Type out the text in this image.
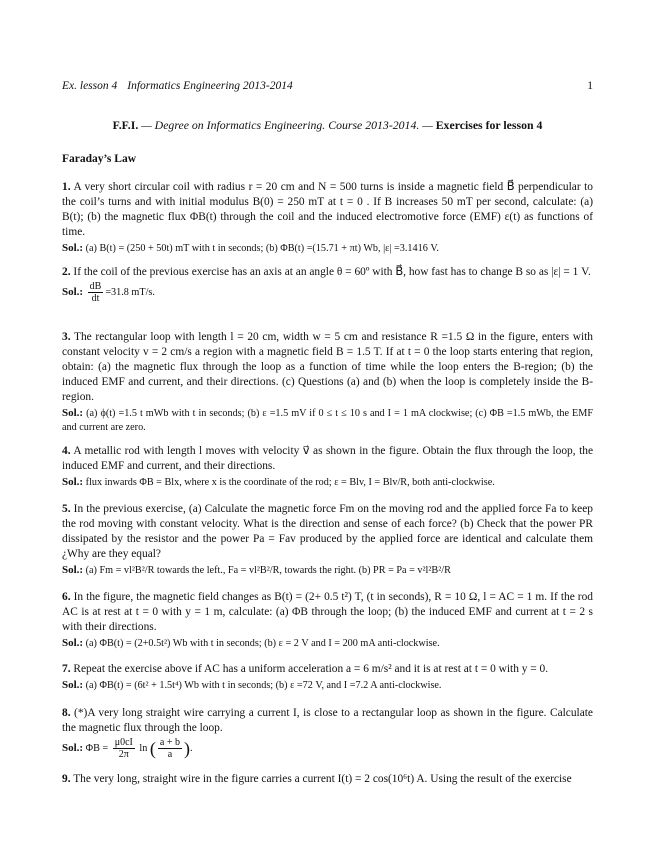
Ex. lesson 4 Informatics Engineering 2013-2014	1
F.F.I. — Degree on Informatics Engineering. Course 2013-2014. — Exercises for lesson 4
Faraday’s Law
1. A very short circular coil with radius r = 20 cm and N = 500 turns is inside a magnetic field B⃗ perpendicular to the coil’s turns and with initial modulus B(0) = 250 mT at t = 0 . If B increases 50 mT per second, calculate: (a) B(t); (b) the magnetic flux ΦB(t) through the coil and the induced electromotive force (EMF) ε(t) as functions of time.
Sol.: (a) B(t) = (250 + 50t) mT with t in seconds; (b) ΦB(t) =(15.71 + πt) Wb, |ε| =3.1416 V.
2. If the coil of the previous exercise has an axis at an angle θ = 60º with B⃗, how fast has to change B so as |ε| = 1 V.
Sol.: $\frac{dB}{dt} =31.8$ mT/s.
3. The rectangular loop with length l = 20 cm, width w = 5 cm and resistance R =1.5 Ω in the figure, enters with constant velocity v = 2 cm/s a region with a magnetic field B = 1.5 T. If at t = 0 the loop starts entering that region, obtain: (a) the magnetic flux through the loop as a function of time while the loop enters the B-region; (b) the induced EMF and current, and their directions. (c) Questions (a) and (b) when the loop is completely inside the B-region.
Sol.: (a) ϕ(t) =1.5 t mWb with t in seconds; (b) ε =1.5 mV if 0 ≤ t ≤ 10 s and I = 1 mA clockwise; (c) ΦB =1.5 mWb, the EMF and current are zero.
4. A metallic rod with length l moves with velocity v⃗ as shown in the figure. Obtain the flux through the loop, the induced EMF and current, and their directions.
Sol.: flux inwards ΦB = Blx, where x is the coordinate of the rod; ε = Blv, I = Blv/R, both anti-clockwise.
5. In the previous exercise, (a) Calculate the magnetic force Fm on the moving rod and the applied force Fa to keep the rod moving with constant velocity. What is the direction and sense of each force? (b) Check that the power PR dissipated by the resistor and the power Pa = Fav produced by the applied force are identical and calculate them ¿Why are they equal?
Sol.: (a) Fm = vl²B²/R towards the left., Fa = vl²B²/R, towards the right. (b) PR = Pa = v²l²B²/R
6. In the figure, the magnetic field changes as B(t) = (2+ 0.5 t²) T, (t in seconds), R = 10 Ω, l = AC = 1 m. If the rod AC is at rest at t = 0 with y = 1 m, calculate: (a) ΦB through the loop; (b) the induced EMF and current at t = 2 s with their directions.
Sol.: (a) ΦB(t) = (2+0.5t²) Wb with t in seconds; (b) ε = 2 V and I = 200 mA anti-clockwise.
7. Repeat the exercise above if AC has a uniform acceleration a = 6 m/s² and it is at rest at t = 0 with y = 0.
Sol.: (a) ΦB(t) = (6t² + 1.5t⁴) Wb with t in seconds; (b) ε =72 V, and I =7.2 A anti-clockwise.
8. (*)A very long straight wire carrying a current I, is close to a rectangular loop as shown in the figure. Calculate the magnetic flux through the loop.
Sol.: $\Phi B = \frac{\mu 0cI}{2\pi}$ ln ( $\frac{a + b}{a}$ ).
9. The very long, straight wire in the figure carries a current I(t) = 2 cos(10⁶t) A. Using the result of the exercise
